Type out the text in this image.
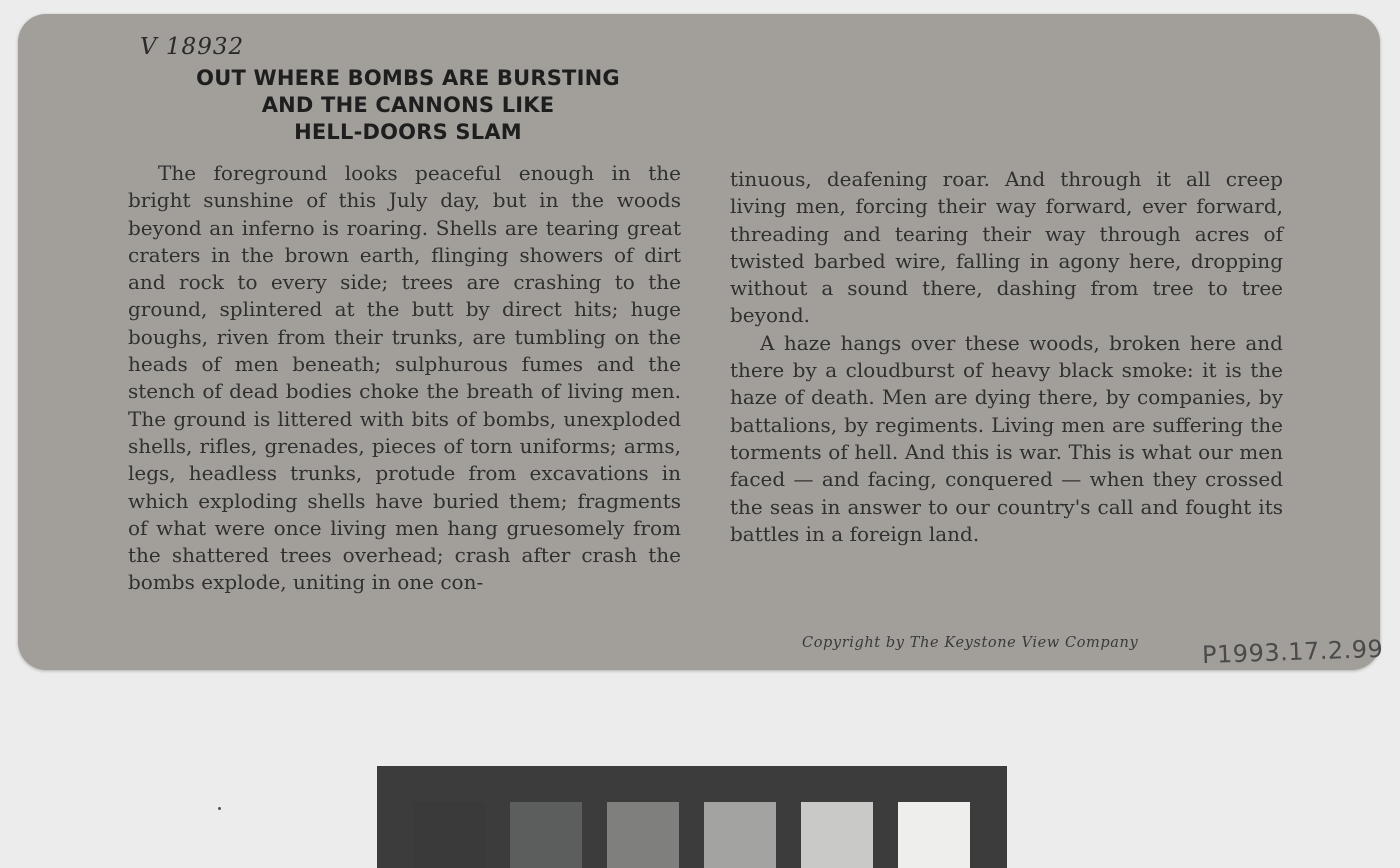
V 18932
OUT WHERE BOMBS ARE BURSTING
AND THE CANNONS LIKE
HELL-DOORS SLAM

The foreground looks peaceful enough in the bright sunshine of this July day, but in the woods beyond an inferno is roaring. Shells are tearing great craters in the brown earth, flinging showers of dirt and rock to every side; trees are crashing to the ground, splintered at the butt by direct hits; huge boughs, riven from their trunks, are tumbling on the heads of men beneath; sulphurous fumes and the stench of dead bodies choke the breath of living men. The ground is littered with bits of bombs, unexploded shells, rifles, grenades, pieces of torn uniforms; arms, legs, headless trunks, protude from excavations in which exploding shells have buried them; fragments of what were once living men hang gruesomely from the shattered trees overhead; crash after crash the bombs explode, uniting in one con-

tinuous, deafening roar. And through it all creep living men, forcing their way forward, ever forward, threading and tearing their way through acres of twisted barbed wire, falling in agony here, dropping without a sound there, dashing from tree to tree beyond.

A haze hangs over these woods, broken here and there by a cloudburst of heavy black smoke: it is the haze of death. Men are dying there, by companies, by battalions, by regiments. Living men are suffering the torments of hell. And this is war. This is what our men faced — and facing, conquered — when they crossed the seas in answer to our country's call and fought its battles in a foreign land.

Copyright by The Keystone View Company	P1993.17.2.99
